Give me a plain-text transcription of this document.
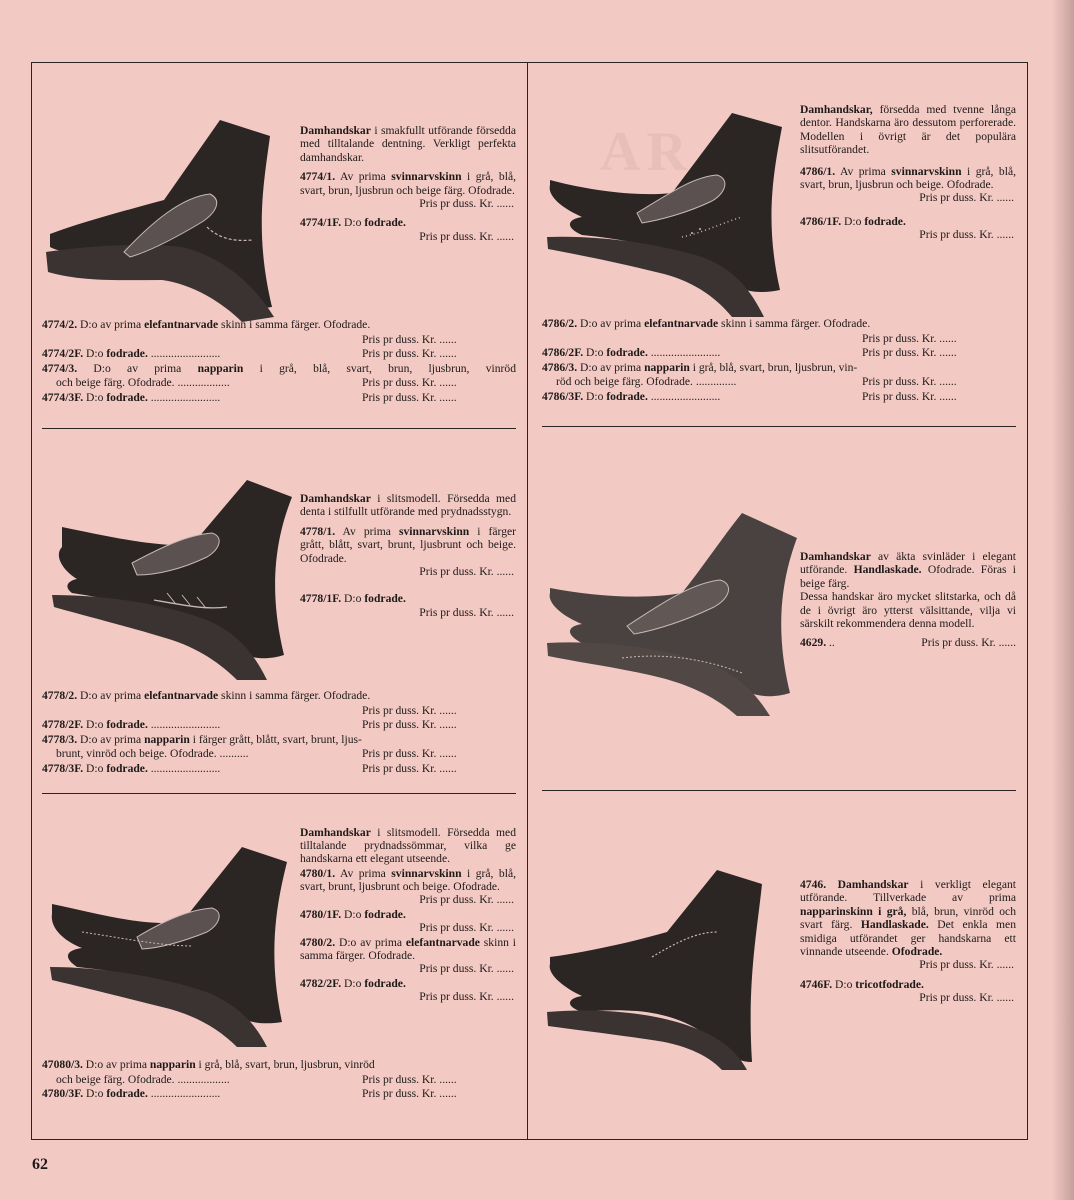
AR

Damhandskar i smakfullt utförande försedda med tilltalande dentning. Verkligt perfekta damhandskar.

4774/1. Av prima svinnarvskinn i grå, blå, svart, brun, ljusbrun och beige färg. Ofodrade.

Pris pr duss. Kr. ......

4774/1F. D:o fodrade.

Pris pr duss. Kr. ......

4774/2. D:o av prima elefantnarvade skinn i samma färger. Ofodrade.
Pris pr duss. Kr. ......
4774/2F. D:o fodrade. ........................	Pris pr duss. Kr. ......
4774/3. D:o av prima napparin i grå, blå, svart, brun, ljusbrun, vinröd
och beige färg. Ofodrade. ..................	Pris pr duss. Kr. ......
4774/3F. D:o fodrade. ........................	Pris pr duss. Kr. ......

Damhandskar i slitsmodell. Försedda med denta i stilfullt utförande med prydnadsstygn.

4778/1. Av prima svinnarvskinn i färger grått, blått, svart, brunt, ljusbrunt och beige. Ofodrade.

Pris pr duss. Kr. ......

4778/1F. D:o fodrade.

Pris pr duss. Kr. ......

4778/2. D:o av prima elefantnarvade skinn i samma färger. Ofodrade.
Pris pr duss. Kr. ......
4778/2F. D:o fodrade. ........................	Pris pr duss. Kr. ......
4778/3. D:o av prima napparin i färger grått, blått, svart, brunt, ljus-
brunt, vinröd och beige. Ofodrade. ..........	Pris pr duss. Kr. ......
4778/3F. D:o fodrade. ........................	Pris pr duss. Kr. ......

Damhandskar i slitsmodell. Försedda med tilltalande prydnadssömmar, vilka ge handskarna ett elegant utseende.

4780/1. Av prima svinnarvskinn i grå, blå, svart, brunt, ljusbrunt och beige. Ofodrade.

Pris pr duss. Kr. ......

4780/1F. D:o fodrade.

Pris pr duss. Kr. ......

4780/2. D:o av prima elefantnarvade skinn i samma färger. Ofodrade.

Pris pr duss. Kr. ......

4782/2F. D:o fodrade.

Pris pr duss. Kr. ......

47080/3. D:o av prima napparin i grå, blå, svart, brun, ljusbrun, vinröd
och beige färg. Ofodrade. ..................	Pris pr duss. Kr. ......
4780/3F. D:o fodrade. ........................	Pris pr duss. Kr. ......

Damhandskar, försedda med tvenne långa dentor. Handskarna äro dessutom perforerade. Modellen i övrigt är det populära slitsutförandet.

4786/1. Av prima svinnarvskinn i grå, blå, svart, brun, ljusbrun och beige. Ofodrade.

Pris pr duss. Kr. ......

4786/1F. D:o fodrade.

Pris pr duss. Kr. ......

4786/2. D:o av prima elefantnarvade skinn i samma färger. Ofodrade.
Pris pr duss. Kr. ......
4786/2F. D:o fodrade. ........................	Pris pr duss. Kr. ......
4786/3. D:o av prima napparin i grå, blå, svart, brun, ljusbrun, vin-
röd och beige färg. Ofodrade. ..............	Pris pr duss. Kr. ......
4786/3F. D:o fodrade. ........................	Pris pr duss. Kr. ......

Damhandskar av äkta svinläder i elegant utförande. Handlaskade. Ofodrade. Föras i beige färg.

Dessa handskar äro mycket slitstarka, och då de i övrigt äro ytterst välsittande, vilja vi särskilt rekommendera denna modell.

4629. ..	Pris pr duss. Kr. ......

4746. Damhandskar i verkligt elegant utförande. Tillverkade av prima napparinskinn i grå, blå, brun, vinröd och svart färg. Handlaskade. Det enkla men smidiga utförandet ger handskarna ett vinnande utseende. Ofodrade.

Pris pr duss. Kr. ......

4746F. D:o tricotfodrade.

Pris pr duss. Kr. ......

62
